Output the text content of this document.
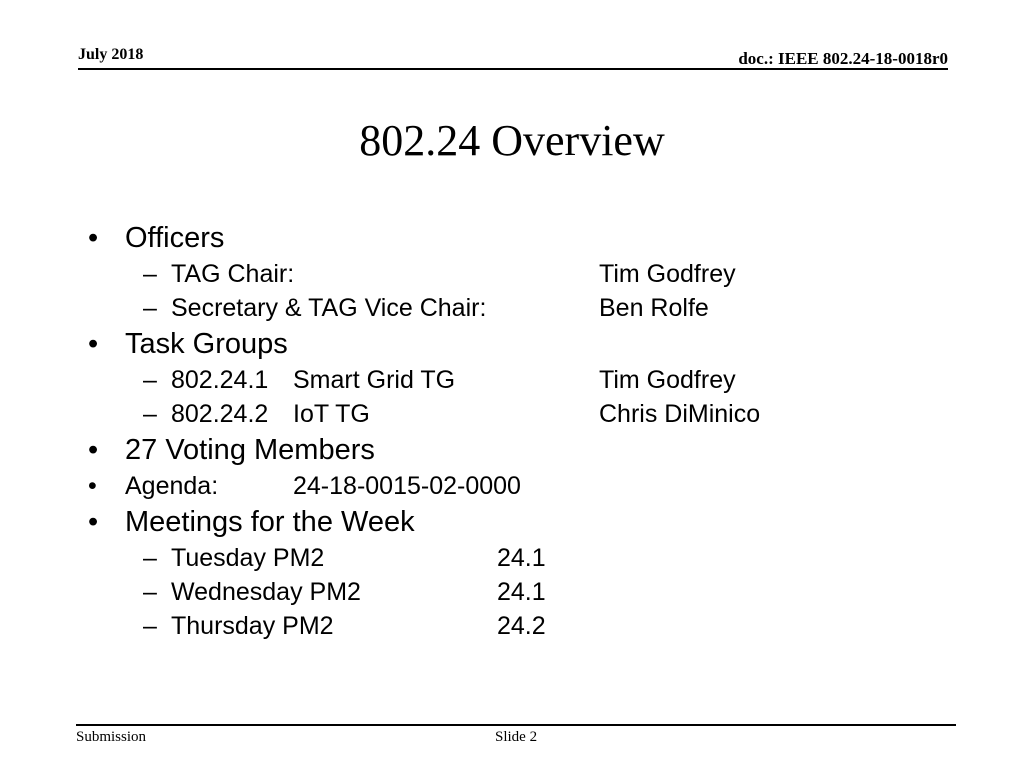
July 2018	doc.: IEEE 802.24-18-0018r0
802.24 Overview
• Officers
– TAG Chair:	Tim Godfrey
– Secretary & TAG Vice Chair:	Ben Rolfe
• Task Groups
– 802.24.1 Smart Grid TG	Tim Godfrey
– 802.24.2 IoT TG	Chris DiMinico
• 27 Voting Members
• Agenda:	24-18-0015-02-0000
• Meetings for the Week
– Tuesday PM2	24.1
– Wednesday PM2	24.1
– Thursday PM2	24.2
Submission	Slide 2
